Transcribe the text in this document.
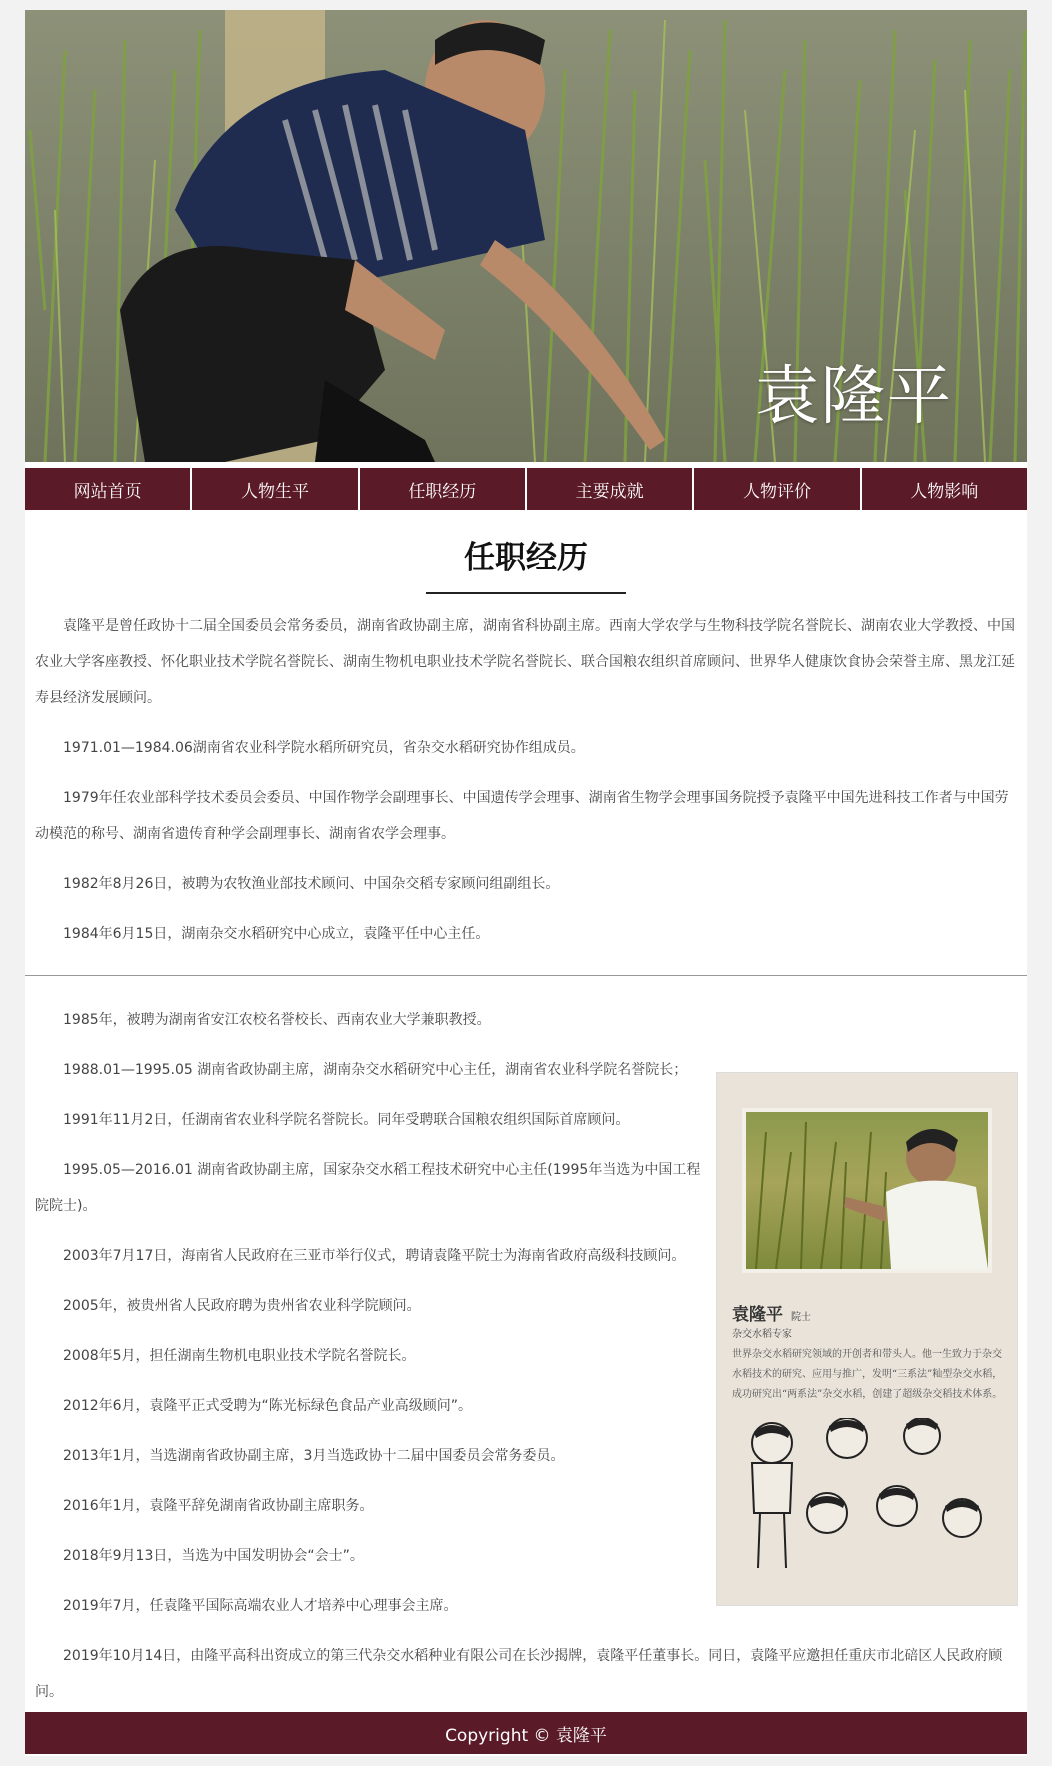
袁隆平
网站首页	人物生平	任职经历	主要成就	人物评价	人物影响
任职经历

袁隆平是曾任政协十二届全国委员会常务委员，湖南省政协副主席，湖南省科协副主席。西南大学农学与生物科技学院名誉院长、湖南农业大学教授、中国农业大学客座教授、怀化职业技术学院名誉院长、湖南生物机电职业技术学院名誉院长、联合国粮农组织首席顾问、世界华人健康饮食协会荣誉主席、黑龙江延寿县经济发展顾问。

1971.01—1984.06湖南省农业科学院水稻所研究员，省杂交水稻研究协作组成员。

1979年任农业部科学技术委员会委员、中国作物学会副理事长、中国遗传学会理事、湖南省生物学会理事国务院授予袁隆平中国先进科技工作者与中国劳动模范的称号、湖南省遗传育种学会副理事长、湖南省农学会理事。

1982年8月26日，被聘为农牧渔业部技术顾问、中国杂交稻专家顾问组副组长。

1984年6月15日，湖南杂交水稻研究中心成立，袁隆平任中心主任。

1985年，被聘为湖南省安江农校名誉校长、西南农业大学兼职教授。

袁隆平 院士
杂交水稻专家
世界杂交水稻研究领域的开创者和带头人。他一生致力于杂交水稻技术的研究、应用与推广，发明“三系法”籼型杂交水稻，成功研究出“两系法”杂交水稻，创建了超级杂交稻技术体系。

1988.01—1995.05 湖南省政协副主席，湖南杂交水稻研究中心主任，湖南省农业科学院名誉院长；

1991年11月2日，任湖南省农业科学院名誉院长。同年受聘联合国粮农组织国际首席顾问。

1995.05—2016.01 湖南省政协副主席，国家杂交水稻工程技术研究中心主任(1995年当选为中国工程院院士)。

2003年7月17日，海南省人民政府在三亚市举行仪式，聘请袁隆平院士为海南省政府高级科技顾问。

2005年，被贵州省人民政府聘为贵州省农业科学院顾问。

2008年5月，担任湖南生物机电职业技术学院名誉院长。

2012年6月，袁隆平正式受聘为“陈光标绿色食品产业高级顾问”。

2013年1月，当选湖南省政协副主席，3月当选政协十二届中国委员会常务委员。

2016年1月，袁隆平辞免湖南省政协副主席职务。

2018年9月13日，当选为中国发明协会“会士”。

2019年7月，任袁隆平国际高端农业人才培养中心理事会主席。

2019年10月14日，由隆平高科出资成立的第三代杂交水稻种业有限公司在长沙揭牌，袁隆平任董事长。同日，袁隆平应邀担任重庆市北碚区人民政府顾问。

Copyright © 袁隆平
